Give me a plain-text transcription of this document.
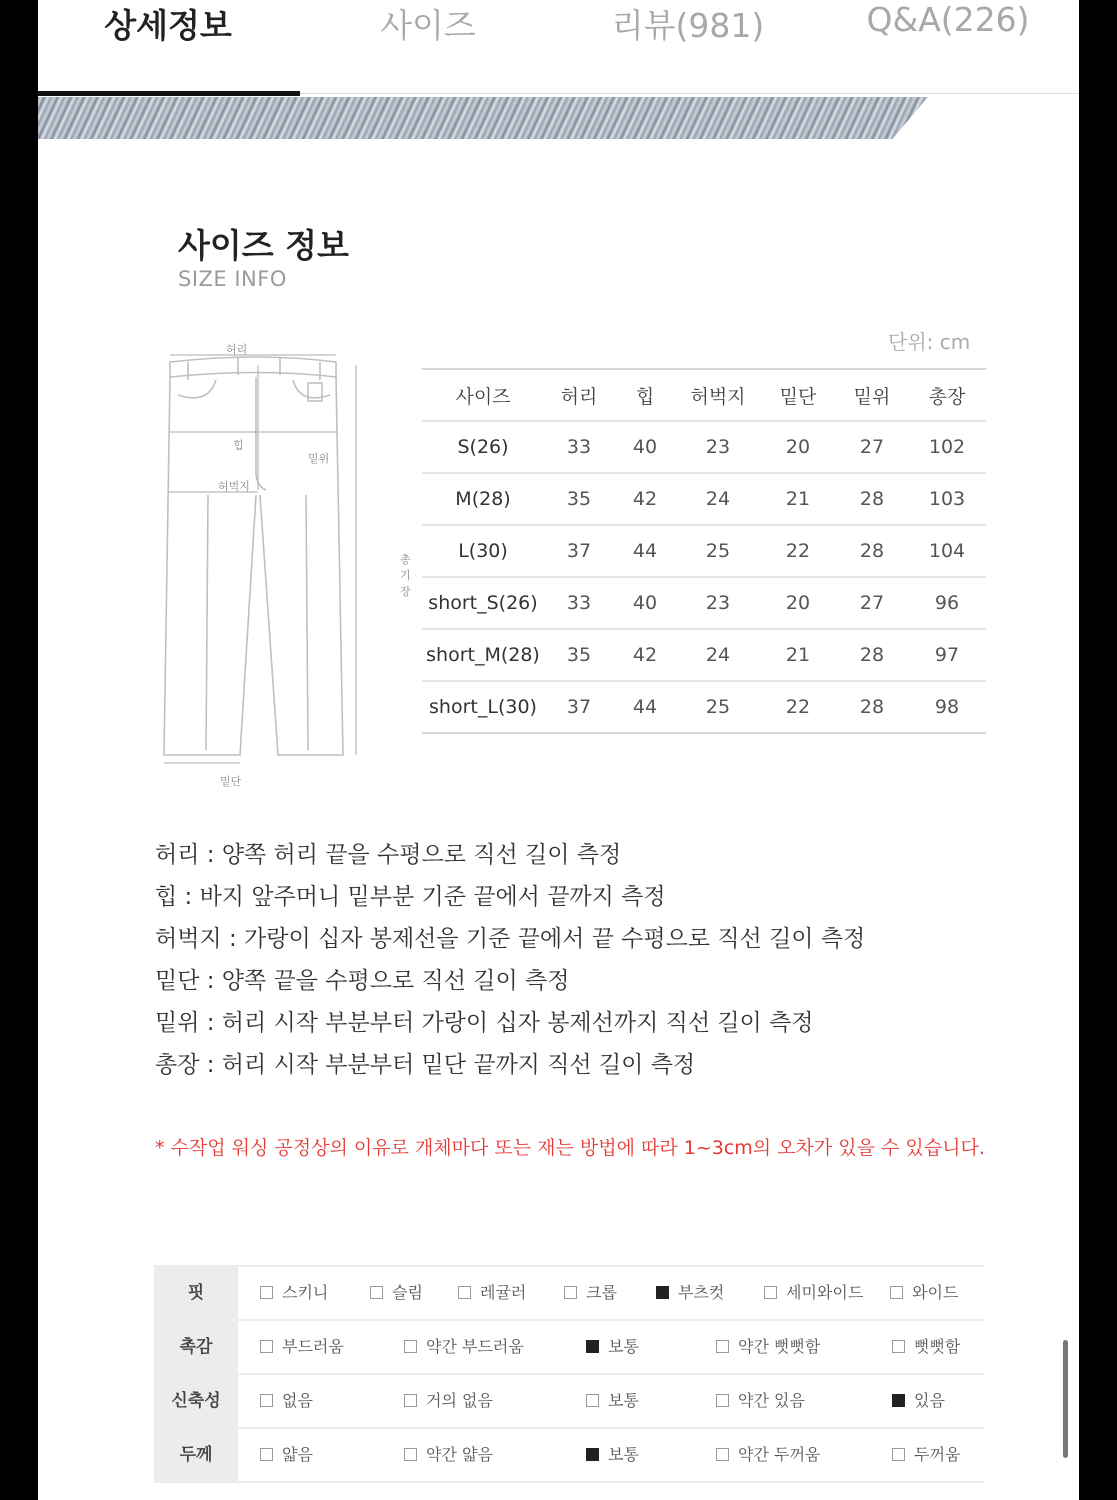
상세정보	사이즈	리뷰(981)	Q&A(226)
사이즈 정보
SIZE INFO
단위: cm
허리
힙
밑위
허벅지
총기장
밑단
사이즈	허리	힙	허벅지	밑단	밑위	총장
S(26)	33	40	23	20	27	102
M(28)	35	42	24	21	28	103
L(30)	37	44	25	22	28	104
short_S(26)	33	40	23	20	27	96
short_M(28)	35	42	24	21	28	97
short_L(30)	37	44	25	22	28	98
허리 : 양쪽 허리 끝을 수평으로 직선 길이 측정
힙 : 바지 앞주머니 밑부분 기준 끝에서 끝까지 측정
허벅지 : 가랑이 십자 봉제선을 기준 끝에서 끝 수평으로 직선 길이 측정
밑단 : 양쪽 끝을 수평으로 직선 길이 측정
밑위 : 허리 시작 부분부터 가랑이 십자 봉제선까지 직선 길이 측정
총장 : 허리 시작 부분부터 밑단 끝까지 직선 길이 측정
* 수작업 워싱 공정상의 이유로 개체마다 또는 재는 방법에 따라 1~3cm의 오차가 있을 수 있습니다.
핏	스키니	슬림	레귤러	크롭	부츠컷	세미와이드	와이드
촉감	부드러움	약간 부드러움	보통	약간 뻣뻣함	뻣뻣함
신축성	없음	거의 없음	보통	약간 있음	있음
두께	얇음	약간 얇음	보통	약간 두꺼움	두꺼움
